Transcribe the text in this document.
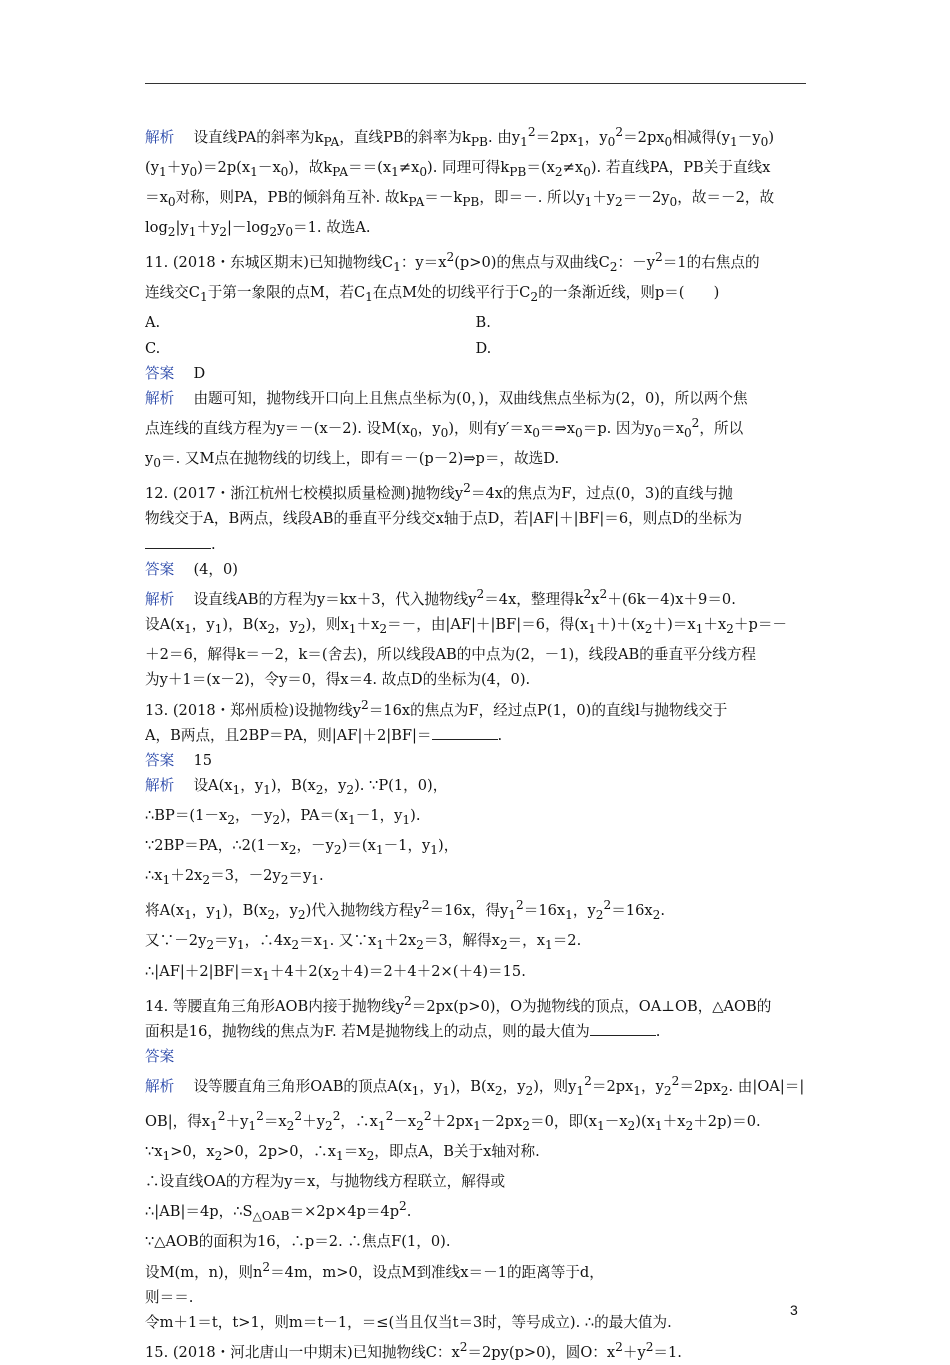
解析　 设直线PA的斜率为$k_{PA}$，直线PB的斜率为$k_{PB}$. 由$y_1^2=2px_1$，$y_0^2=2px_0$相减得$(y_1-y_0)$

$(y_1+y_0)=2p(x_1-x_0)$，故$k_{PA}==(x_1\ne x_0)$. 同理可得$k_{PB}=(x_2\ne x_0)$. 若直线PA，PB关于直线x

$=x_0$对称，则PA，PB的倾斜角互补. 故$k_{PA}=-k_{PB}$，即＝－. 所以$y_1+y_2=-2y_0$，故＝－2，故

$\log_2|y_1+y_2|-\log_2y_0=1$. 故选A.

11. (2018・东城区期末)已知抛物线$C_1$：$y=x^2(p>0)$的焦点与双曲线$C_2$：$-y^2=1$的右焦点的

连线交$C_1$于第一象限的点M，若$C_1$在点M处的切线平行于$C_2$的一条渐近线，则p＝(　　)

A.	B.

C.	D.

答案　 D

解析　 由题可知，抛物线开口向上且焦点坐标为(0，)，双曲线焦点坐标为(2，0)，所以两个焦

点连线的直线方程为y＝－(x－2). 设$M(x_0$，$y_0$)，则有$y'=x_0=\Rightarrow x_0=p$. 因为$y_0=x_0^2$，所以

$y_0=$. 又M点在抛物线的切线上，即有＝－(p－2)⇒p＝，故选D.

12. (2017・浙江杭州七校模拟质量检测)抛物线$y^2=4x$的焦点为F，过点(0，3)的直线与抛

物线交于A，B两点，线段AB的垂直平分线交x轴于点D，若|AF|＋|BF|＝6，则点D的坐标为

.

答案　 (4，0)

解析　 设直线AB的方程为y＝kx＋3，代入抛物线$y^2=4x$，整理得$k^2x^2+(6k-4)x+9=0$.

设$A(x_1$，$y_1$)，$B(x_2$，$y_2$)，则$x_1+x_2=-$，由|AF|＋|BF|＝6，得$(x_1+)+(x_2+)=x_1+x_2+p=-$

＋2＝6，解得k＝－2，k＝(舍去)，所以线段AB的中点为(2，－1)，线段AB的垂直平分线方程

为y＋1＝(x－2)，令y＝0，得x＝4. 故点D的坐标为(4，0).

13. (2018・郑州质检)设抛物线$y^2=16x$的焦点为F，经过点P(1，0)的直线l与抛物线交于

A，B两点，且2BP＝PA，则|AF|＋2|BF|＝	.

答案　 15

解析　 设$A(x_1$，$y_1$)，$B(x_2$，$y_2$). ∵P(1，0)，

$\therefore BP=(1-x_2$，$-y_2$)，$PA=(x_1-1$，$y_1$).

∵2BP＝PA，$\therefore 2(1-x_2$，$-y_2)=(x_1-1$，$y_1$)，

$\therefore x_1+2x_2=3$，$-2y_2=y_1$.

将$A(x_1$，$y_1$)，$B(x_2$，$y_2$)代入抛物线方程$y^2=16x$，得$y_1^2=16x_1$，$y_2^2=16x_2$.

又$\because-2y_2=y_1$，$\therefore 4x_2=x_1$. 又$\because x_1+2x_2=3$，解得$x_2=$，$x_1=2$.

$\therefore|AF|+2|BF|=x_1+4+2(x_2+4)=2+4+2\times(+4)=15$.

14. 等腰直角三角形AOB内接于抛物线$y^2=2px(p>0)$，O为抛物线的顶点，OA⊥OB，△AOB的

面积是16，抛物线的焦点为F. 若M是抛物线上的动点，则的最大值为	.

答案

解析　 设等腰直角三角形OAB的顶点$A(x_1$，$y_1$)，$B(x_2$，$y_2$)，则$y_1^2=2px_1$，$y_2^2=2px_2$. 由|OA|＝|

OB|，得$x_1^2+y_1^2=x_2^2+y_2^2$，$\therefore x_1^2-x_2^2+2px_1-2px_2=0$，即$(x_1-x_2)(x_1+x_2+2p)=0$.

$\because x_1>0$，$x_2>0$，2p>0，$\therefore x_1=x_2$，即点A，B关于x轴对称.

∴设直线OA的方程为y＝x，与抛物线方程联立，解得或

∴|AB|＝4p，$\therefore S_{\triangle OAB}=\times 2p\times 4p=4p^2$.

∵△AOB的面积为16，∴p＝2. ∴焦点F(1，0).

设M(m，n)，则$n^2=4m$，m>0，设点M到准线x＝－1的距离等于d，

则＝＝.

令m＋1＝t，t>1，则m＝t－1，＝≤(当且仅当t＝3时，等号成立). ∴的最大值为.

15. (2018・河北唐山一中期末)已知抛物线C：$x^2=2py(p>0)$，圆O：$x^2+y^2=1$.

3
